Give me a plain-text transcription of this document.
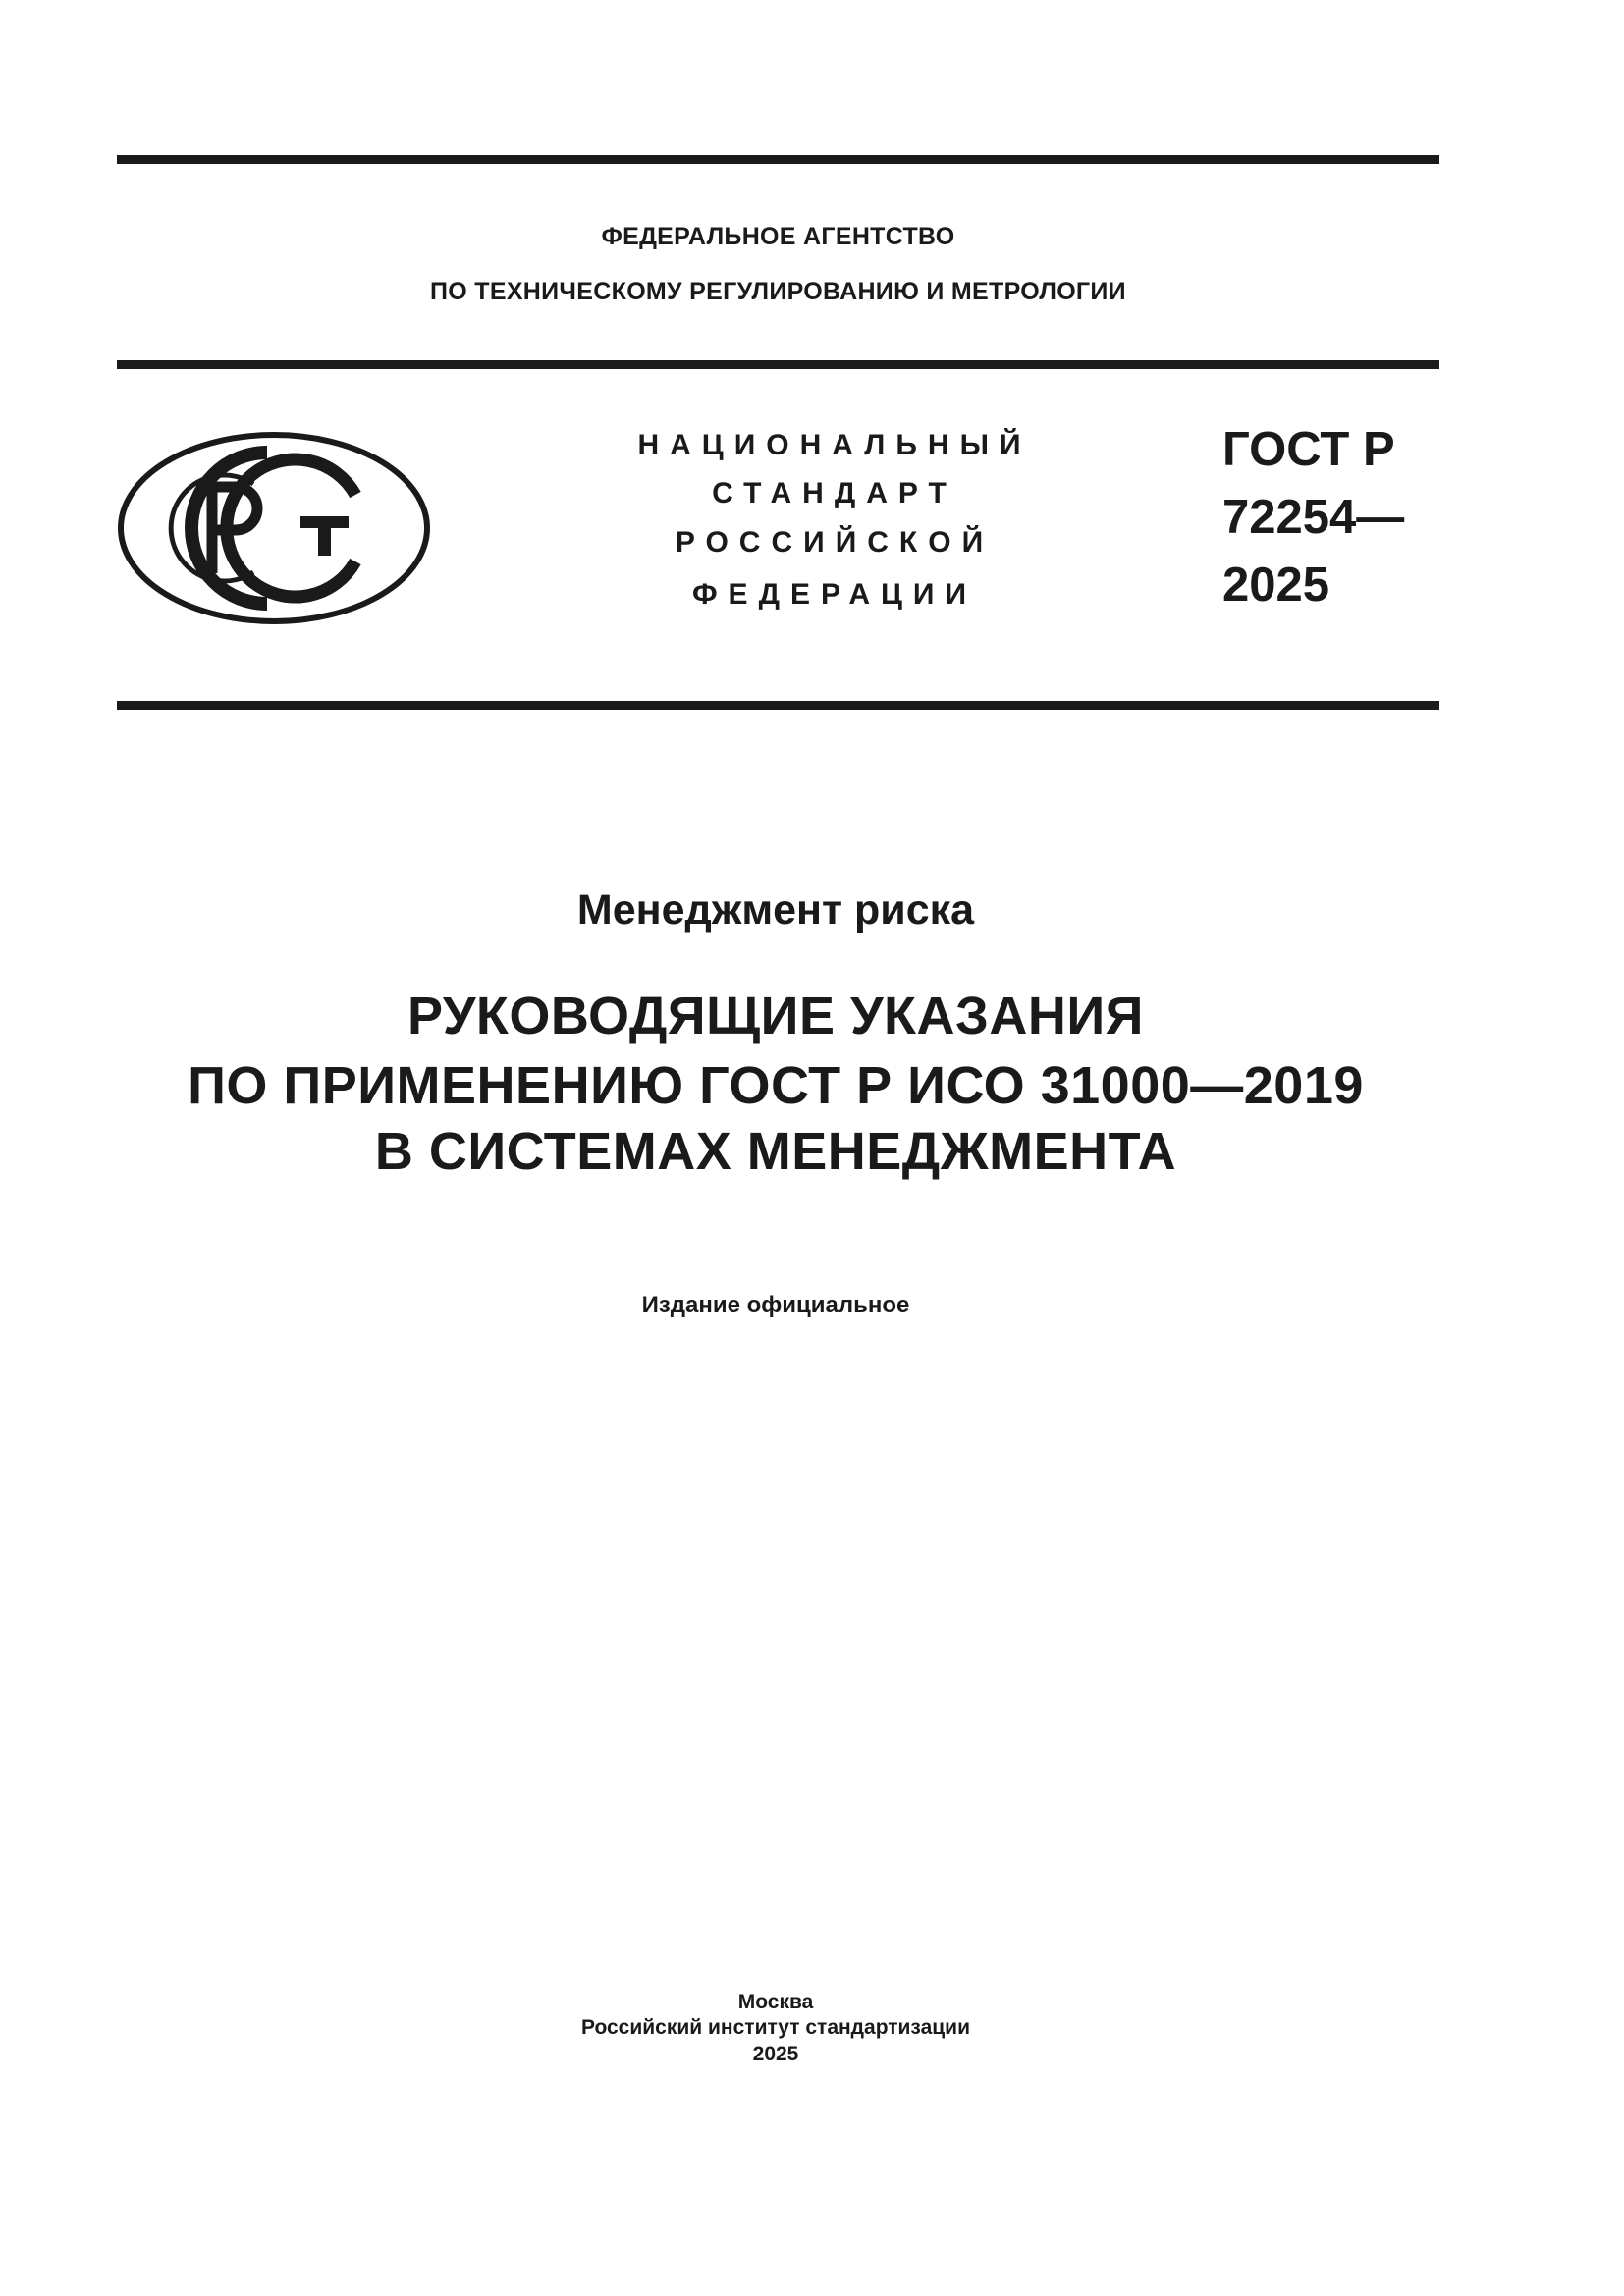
ФЕДЕРАЛЬНОЕ АГЕНТСТВО
ПО ТЕХНИЧЕСКОМУ РЕГУЛИРОВАНИЮ И МЕТРОЛОГИИ
НАЦИОНАЛЬНЫЙ
СТАНДАРТ
РОССИЙСКОЙ
ФЕДЕРАЦИИ
ГОСТ Р
72254—
2025
Менеджмент риска
РУКОВОДЯЩИЕ УКАЗАНИЯ
ПО ПРИМЕНЕНИЮ ГОСТ Р ИСО 31000—2019
В СИСТЕМАХ МЕНЕДЖМЕНТА
Издание официальное
Москва
Российский институт стандартизации
2025
